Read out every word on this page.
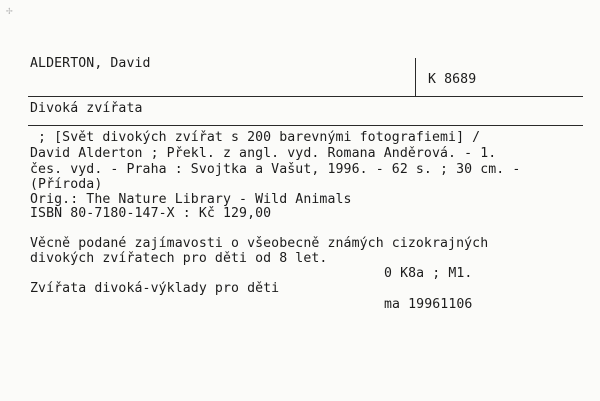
✢
ALDERTON, David
K 8689
Divoká zvířata
; [Svět divokých zvířat s 200 barevnými fotografiemi] /
David Alderton ; Překl. z angl. vyd. Romana Anděrová. - 1.
čes. vyd. - Praha : Svojtka a Vašut, 1996. - 62 s. ; 30 cm. -
(Příroda)
Orig.: The Nature Library - Wild Animals
ISBN 80-7180-147-X : Kč 129,00
Věcně podané zajímavosti o všeobecně známých cizokrajných
divokých zvířatech pro děti od 8 let.
0 K8a ; M1.
Zvířata divoká-výklady pro děti
ma 19961106
